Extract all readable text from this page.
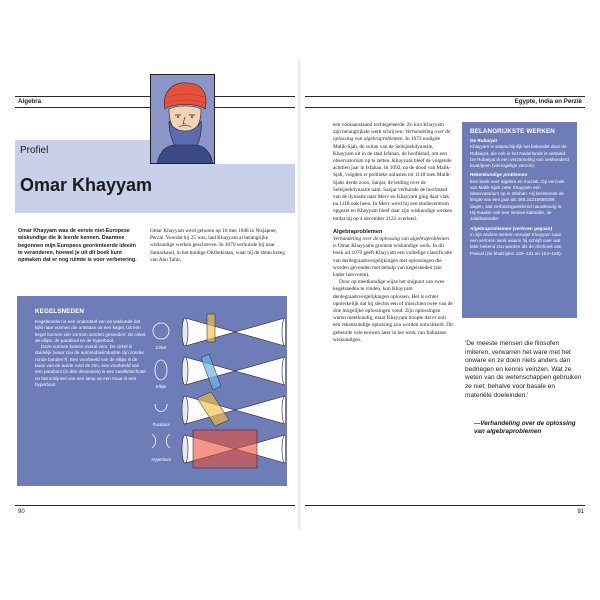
Algebra
Profiel
Omar Khayyam
Omar Khayyam was de eerste niet-Europese wiskundige die ik leerde kennen. Daarmee begonnen mijn Europees georiënteerde ideeën te veranderen, hoewel je uit dit boek kunt opmaken dat er nog ruimte is voor verbetering.
Omar Khayyam werd geboren op 18 mei 1048 in Nisjapoer, Perzië. Voordat hij 25 was, had Khayyam al belangrijke wiskundige werken geschreven. In 1070 verhuisde hij naar Samarkand, in het huidige Oezbekistan, waar hij de steun kreeg van Abu Tahir,
KEGELSNEDEN

Kegelsneden is een onderdeel van de wiskunde dat kijkt naar vormen die ontstaan uit een kegel. Uit een kegel kunnen vier vormen worden gesneden: de cirkel, de ellips, de parabool en de hyperbool.

Deze vormen komen overal voor. De cirkel is duidelijk (waar zou de automobielindustrie zijn zonder ronde banden?). Een voorbeeld van de ellips is de baan van de aarde rond de zon, een voorbeeld van een parabool (in drie dimensies) is een satellietschotel en het schijnsel van een lamp op een muur is een hyperbool.

Cirkel
Ellips
Parabool
Hyperbool
90
Egypte, India en Perzië

een vooraanstaand rechtsgeleerde. Zo kon Khayyam zijn belangrijkste werk schrijven: Verhandeling over de oplossing van algebraproblemen. In 1073 nodigde Malik-Sjah, de sultan van de Seltsjoekdynastie, Khayyam uit in de stad Isfahan, de hoofdstad, om een observatorium op te zetten. Khayyam bleef de volgende achttien jaar in Isfahan. In 1092, na de dood van Malik-Sjah, volgden er politieke onlusten tot 1118 toen Malik-Sjahs derde zoon, Sanjar, de leiding over de Seltsjoekdynastie nam. Sanjar verhuisde de hoofdstad van de dynastie naar Merv en Khayyam ging daar vlak na 1118 ook heen. In Merv werd hij een studiecentrum opgezet en Khayyam bleef daar zijn wiskundige werken totdat hij op 4 december 1122 overleed.

Algebraproblemen

Verhandeling over de oplossing van algebraproblemen is Omar Khayyams grootste wiskundige werk. In dit boek uit 1070 geeft Khayyam een volledige classificatie van derdegraadsvergelijkingen met oplossingen die worden gevonden met behulp van kegelsneden (zie kader hiervoren).

Door op meetkundige wijze het snijpunt van twee kegelsneden te vinden, kon Khayyam derdegraadsvergelijkingen oplossen. Het is echter opmerkelijk dat hij slechts een of misschien twee van de drie mogelijke oplossingen vond. Zijn oplossingen waren meetkundig, maar Khayyam hoopte dat er ooit een rekenkundige oplossing zou worden ontwikkeld. Dit gebeurde vele eeuwen later in het werk van Italiaanse wiskundigen.

BELANGRIJKSTE WERKEN
De Rubaiyat

Khayyam is waarschijnlijk het bekendst door de Rubaiyat, die ook in het Nederlands is vertaald. De Rubaiyat is een verzameling van zeshonderd kwatrijnen (vierregelige verzen).

Rekenkundige problemen

Een boek over algebra en muziek. Op verzoek van Malik-Sjah zette Khayyam een observatorium op in Isfahan. Hij berekende de lengte van een jaar als 365,24219858156 dagen, wat verbazingwekkend nauwkeurig is. Hij maakte ook een nieuwe kalender, de Jalalikalender.

Algebraproblemen (verloren gegaan)

In zijn andere werken verwijst Khayyam naar een verloren werk waarin hij schrijft over wat later bekend zou worden als de driehoek van Pascal (zie bladzijden 130–131 en 154–155).

'De meeste mensen die filosofen imiteren, verwarren het ware met het onware en ze doen niets anders dan bedriegen en kennis veinzen. Wat ze weten van de wetenschappen gebruiken ze niet, behalve voor basale en materiële doeleinden.'
—Verhandeling over de oplossing van algebraproblemen
91
